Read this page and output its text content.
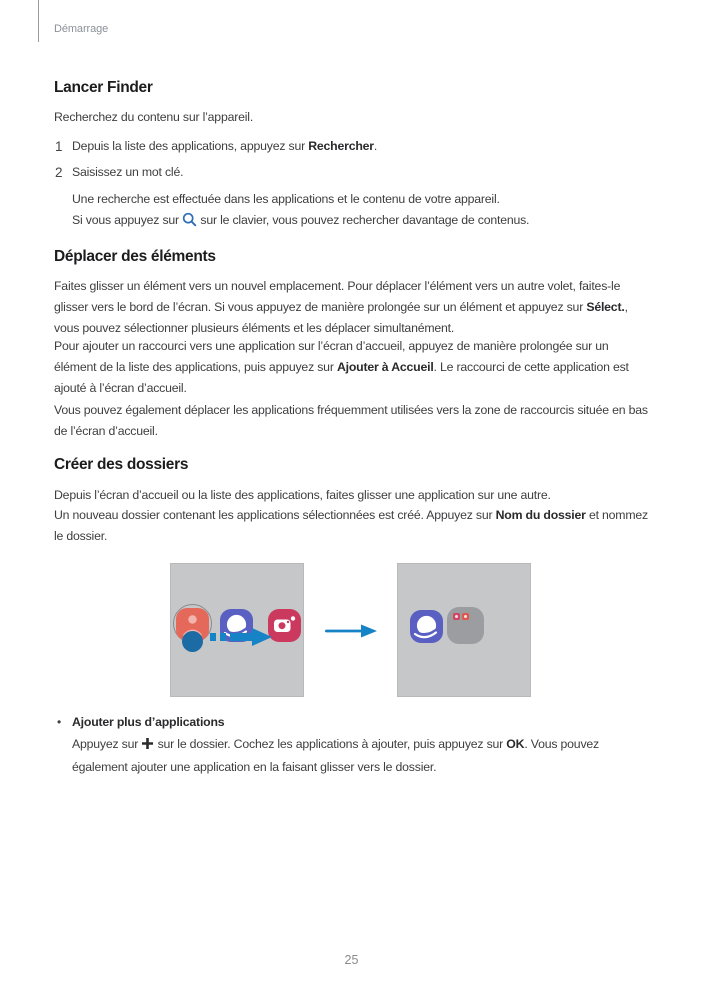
Démarrage
Lancer Finder

Recherchez du contenu sur l’appareil.

1 Depuis la liste des applications, appuyez sur Rechercher.

2 Saisissez un mot clé.

Une recherche est effectuée dans les applications et le contenu de votre appareil.

Si vous appuyez sur  sur le clavier, vous pouvez rechercher davantage de contenus.

Déplacer des éléments

Faites glisser un élément vers un nouvel emplacement. Pour déplacer l’élément vers un autre volet, faites-le glisser vers le bord de l’écran. Si vous appuyez de manière prolongée sur un élément et appuyez sur Sélect., vous pouvez sélectionner plusieurs éléments et les déplacer simultanément.

Pour ajouter un raccourci vers une application sur l’écran d’accueil, appuyez de manière prolongée sur un élément de la liste des applications, puis appuyez sur Ajouter à Accueil. Le raccourci de cette application est ajouté à l’écran d’accueil.

Vous pouvez également déplacer les applications fréquemment utilisées vers la zone de raccourcis située en bas de l’écran d’accueil.

Créer des dossiers

Depuis l’écran d’accueil ou la liste des applications, faites glisser une application sur une autre.

Un nouveau dossier contenant les applications sélectionnées est créé. Appuyez sur Nom du dossier et nommez le dossier.

• Ajouter plus d’applications

Appuyez sur  sur le dossier. Cochez les applications à ajouter, puis appuyez sur OK. Vous pouvez également ajouter une application en la faisant glisser vers le dossier.

25
